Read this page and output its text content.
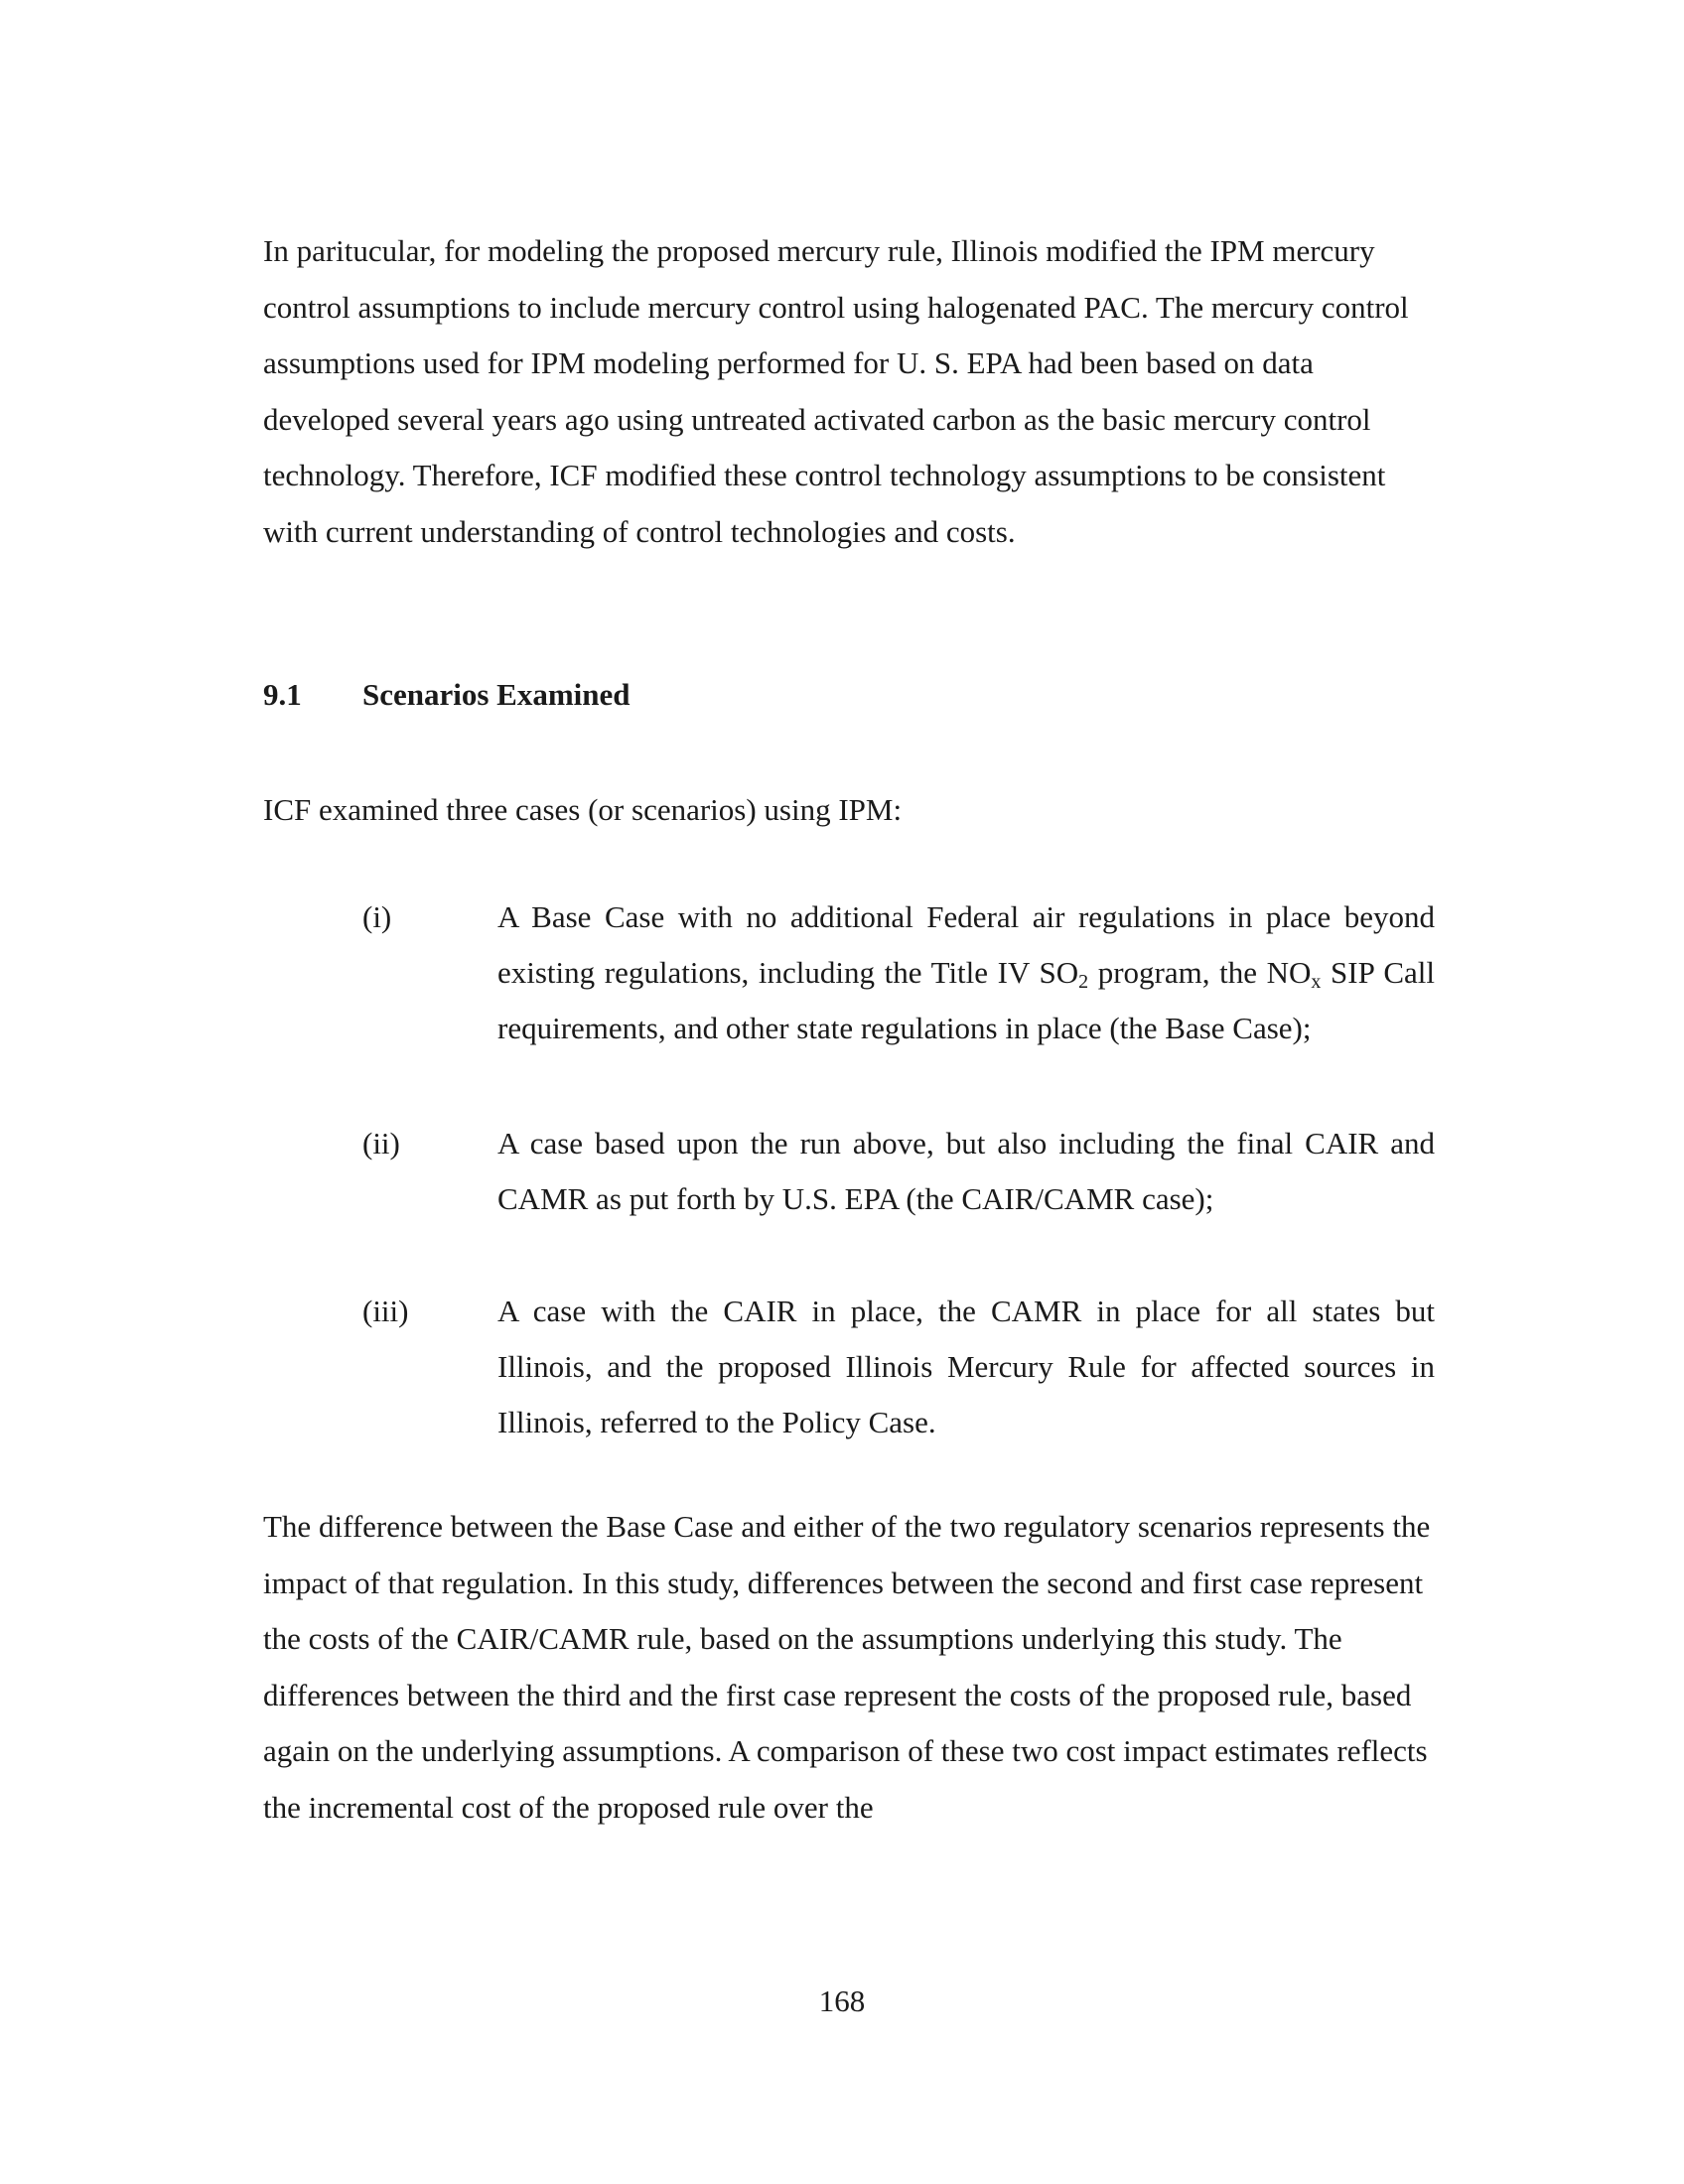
In paritucular, for modeling the proposed mercury rule, Illinois modified the IPM mercury control assumptions to include mercury control using halogenated PAC. The mercury control assumptions used for IPM modeling performed for U. S. EPA had been based on data developed several years ago using untreated activated carbon as the basic mercury control technology. Therefore, ICF modified these control technology assumptions to be consistent with current understanding of control technologies and costs.

9.1 Scenarios Examined

ICF examined three cases (or scenarios) using IPM:

(i)	A Base Case with no additional Federal air regulations in place beyond existing regulations, including the Title IV $SO_2$ program, the $NO_x$ SIP Call requirements, and other state regulations in place (the Base Case);

(ii)	A case based upon the run above, but also including the final CAIR and CAMR as put forth by U.S. EPA (the CAIR/CAMR case);

(iii)	A case with the CAIR in place, the CAMR in place for all states but Illinois, and the proposed Illinois Mercury Rule for affected sources in Illinois, referred to the Policy Case.

The difference between the Base Case and either of the two regulatory scenarios represents the impact of that regulation. In this study, differences between the second and first case represent the costs of the CAIR/CAMR rule, based on the assumptions underlying this study. The differences between the third and the first case represent the costs of the proposed rule, based again on the underlying assumptions. A comparison of these two cost impact estimates reflects the incremental cost of the proposed rule over the

168
